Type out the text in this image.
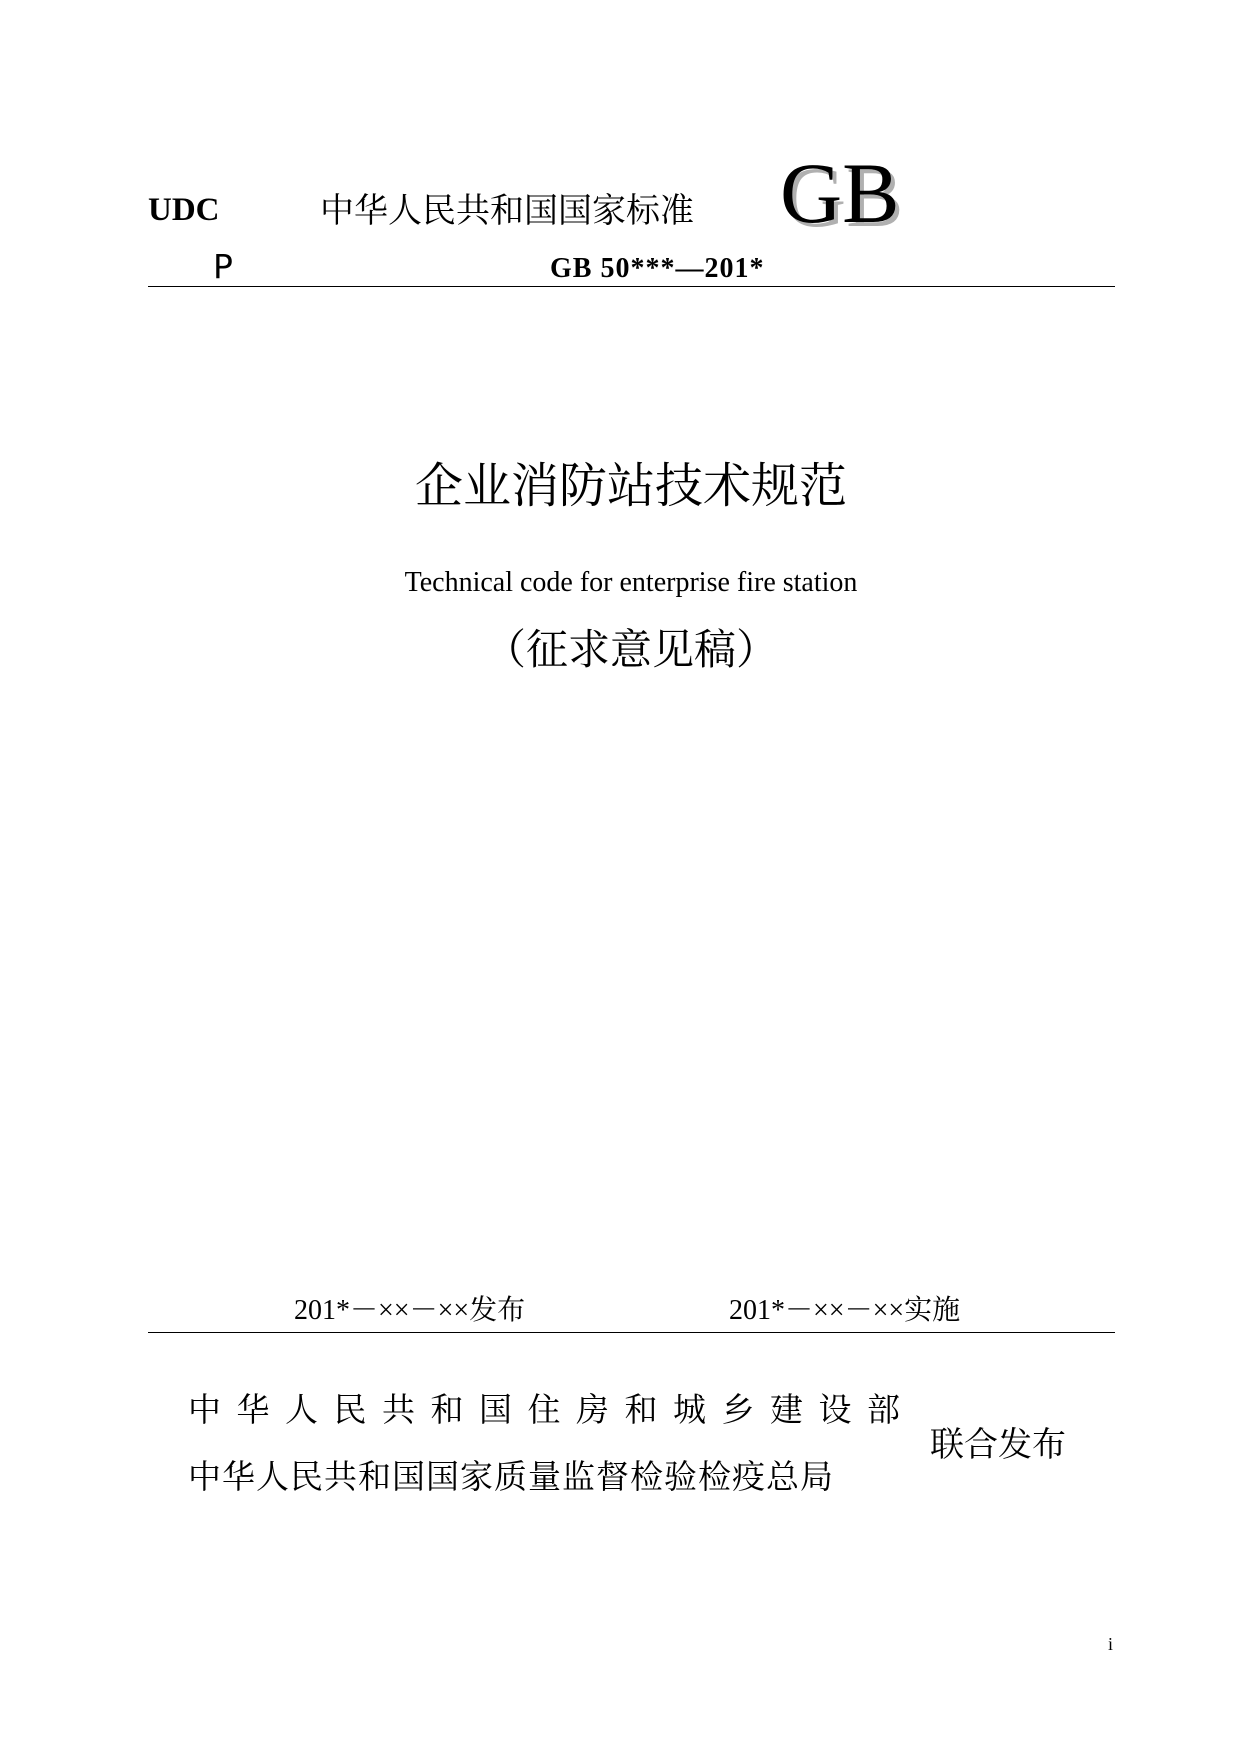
UDC	中华人民共和国国家标准 GB
P	GB 50***—201*
企业消防站技术规范
Technical code for enterprise fire station
（征求意见稿）
201*－××－××发布	201*－××－××实施
中华人民共和国住房和城乡建设部
中华人民共和国国家质量监督检验检疫总局
联合发布
i
